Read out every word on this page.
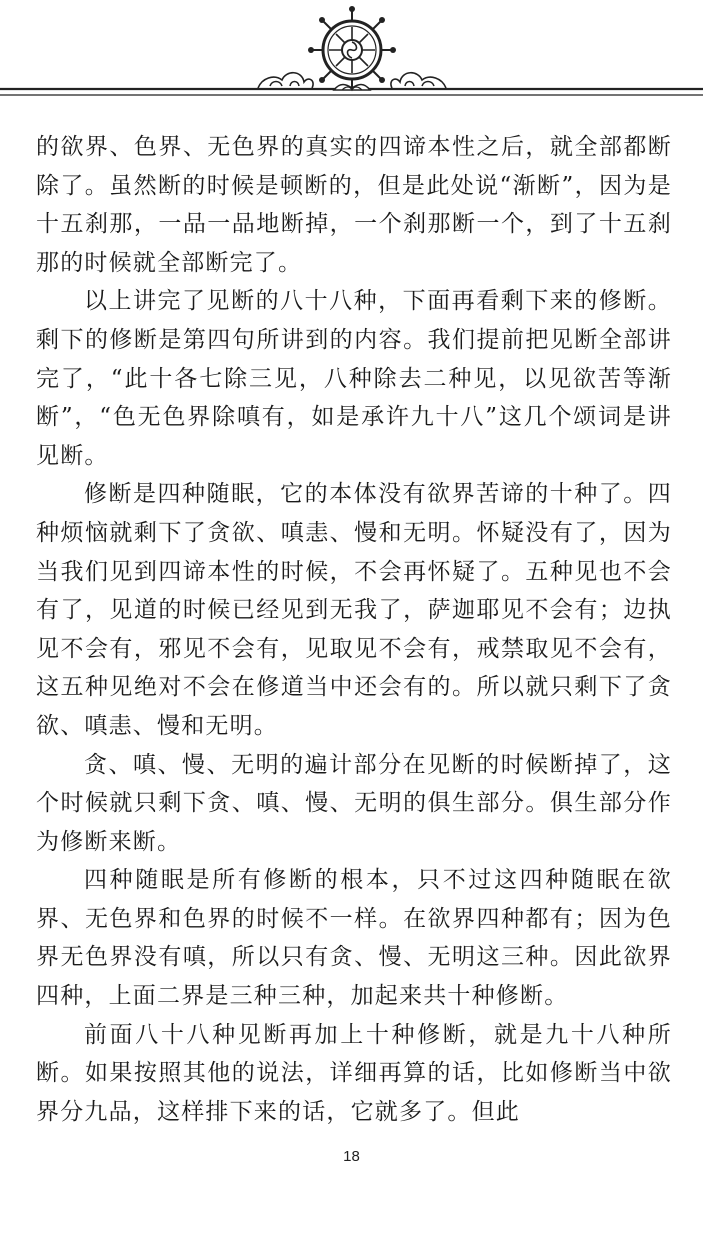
的欲界、色界、无色界的真实的四谛本性之后，就全部都断除了。虽然断的时候是顿断的，但是此处说“渐断”，因为是十五刹那，一品一品地断掉，一个刹那断一个，到了十五刹那的时候就全部断完了。

以上讲完了见断的八十八种，下面再看剩下来的修断。剩下的修断是第四句所讲到的内容。我们提前把见断全部讲完了，“此十各七除三见，八种除去二种见，以见欲苦等渐断”，“色无色界除嗔有，如是承许九十八”这几个颂词是讲见断。

修断是四种随眠，它的本体没有欲界苦谛的十种了。四种烦恼就剩下了贪欲、嗔恚、慢和无明。怀疑没有了，因为当我们见到四谛本性的时候，不会再怀疑了。五种见也不会有了，见道的时候已经见到无我了，萨迦耶见不会有；边执见不会有，邪见不会有，见取见不会有，戒禁取见不会有，这五种见绝对不会在修道当中还会有的。所以就只剩下了贪欲、嗔恚、慢和无明。

贪、嗔、慢、无明的遍计部分在见断的时候断掉了，这个时候就只剩下贪、嗔、慢、无明的俱生部分。俱生部分作为修断来断。

四种随眠是所有修断的根本，只不过这四种随眠在欲界、无色界和色界的时候不一样。在欲界四种都有；因为色界无色界没有嗔，所以只有贪、慢、无明这三种。因此欲界四种，上面二界是三种三种，加起来共十种修断。

前面八十八种见断再加上十种修断，就是九十八种所断。如果按照其他的说法，详细再算的话，比如修断当中欲界分九品，这样排下来的话，它就多了。但此

18
